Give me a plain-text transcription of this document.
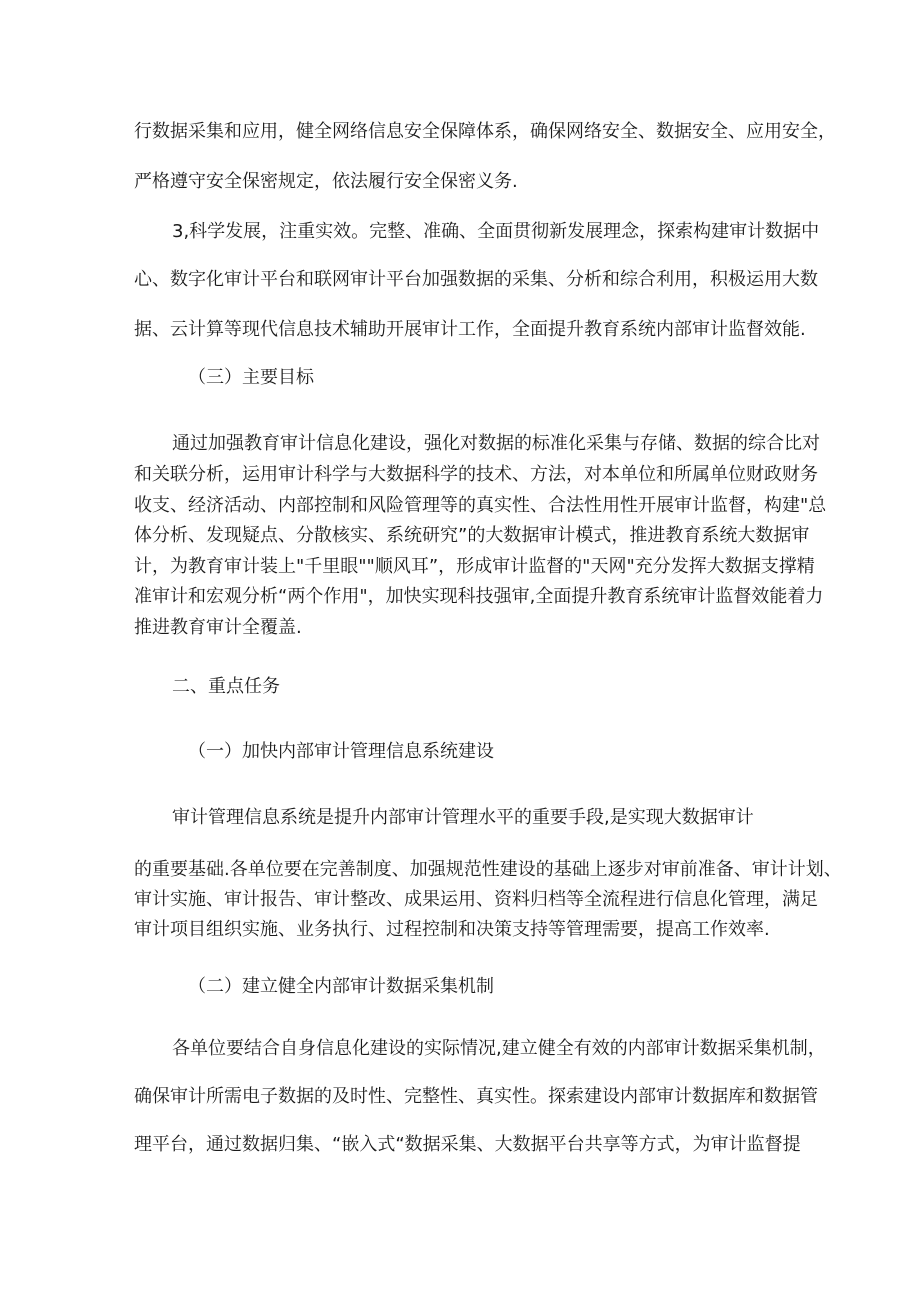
行数据采集和应用，健全网络信息安全保障体系，确保网络安全、数据安全、应用安全，
严格遵守安全保密规定，依法履行安全保密义务.
3,科学发展，注重实效。完整、准确、全面贯彻新发展理念，探索构建审计数据中
心、数字化审计平台和联网审计平台加强数据的采集、分析和综合利用，积极运用大数
据、云计算等现代信息技术辅助开展审计工作，全面提升教育系统内部审计监督效能.
（三）主要目标
通过加强教育审计信息化建设，强化对数据的标准化采集与存储、数据的综合比对
和关联分析，运用审计科学与大数据科学的技术、方法，对本单位和所属单位财政财务
收支、经济活动、内部控制和风险管理等的真实性、合法性用性开展审计监督，构建"总
体分析、发现疑点、分散核实、系统研究”的大数据审计模式，推进教育系统大数据审
计，为教育审计装上"千里眼""顺风耳”，形成审计监督的"天网"充分发挥大数据支撑精
准审计和宏观分析“两个作用"，加快实现科技强审,全面提升教育系统审计监督效能着力
推进教育审计全覆盖.
二、重点任务
（一）加快内部审计管理信息系统建设
审计管理信息系统是提升内部审计管理水平的重要手段,是实现大数据审计
的重要基础.各单位要在完善制度、加强规范性建设的基础上逐步对审前准备、审计计划、
审计实施、审计报告、审计整改、成果运用、资料归档等全流程进行信息化管理，满足
审计项目组织实施、业务执行、过程控制和决策支持等管理需要，提高工作效率.
（二）建立健全内部审计数据采集机制
各单位要结合自身信息化建设的实际情况,建立健全有效的内部审计数据采集机制，
确保审计所需电子数据的及时性、完整性、真实性。探索建设内部审计数据库和数据管
理平台，通过数据归集、“嵌入式“数据采集、大数据平台共享等方式，为审计监督提
